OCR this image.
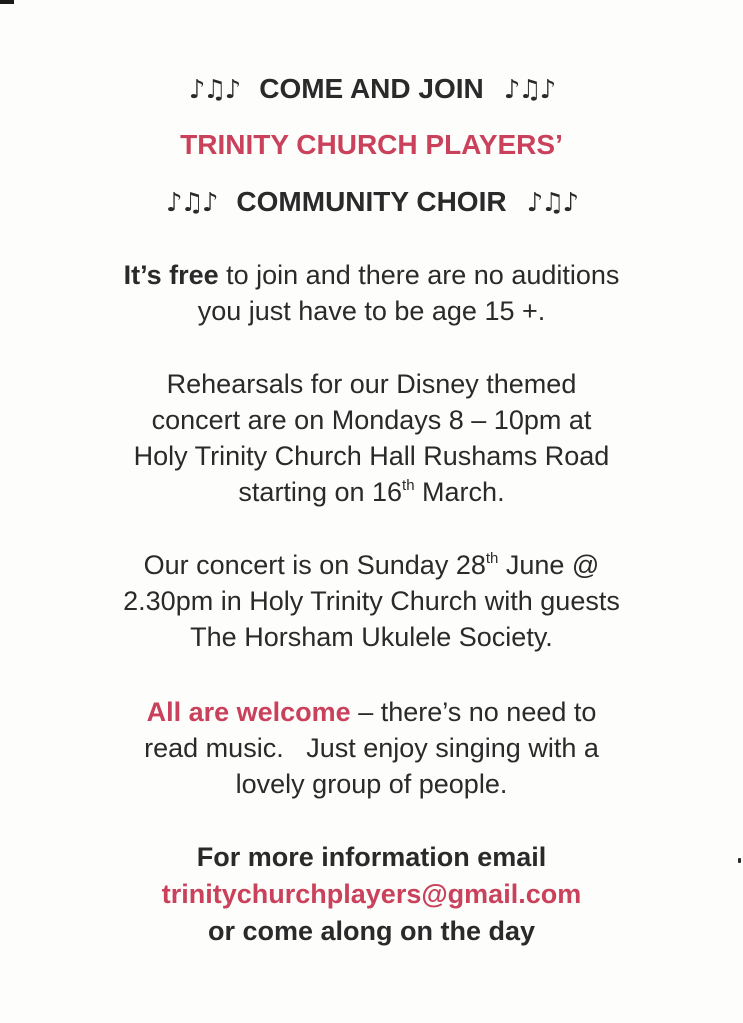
♪♫♪ COME AND JOIN ♪♫♪
TRINITY CHURCH PLAYERS’
♪♫♪ COMMUNITY CHOIR ♪♫♪

It’s free to join and there are no auditions
you just have to be age 15 +.

Rehearsals for our Disney themed
concert are on Mondays 8 – 10pm at
Holy Trinity Church Hall Rushams Road
starting on 16th March.

Our concert is on Sunday 28th June @
2.30pm in Holy Trinity Church with guests
The Horsham Ukulele Society.

All are welcome – there’s no need to
read music.   Just enjoy singing with a
lovely group of people.

For more information email
trinitychurchplayers@gmail.com
or come along on the day
